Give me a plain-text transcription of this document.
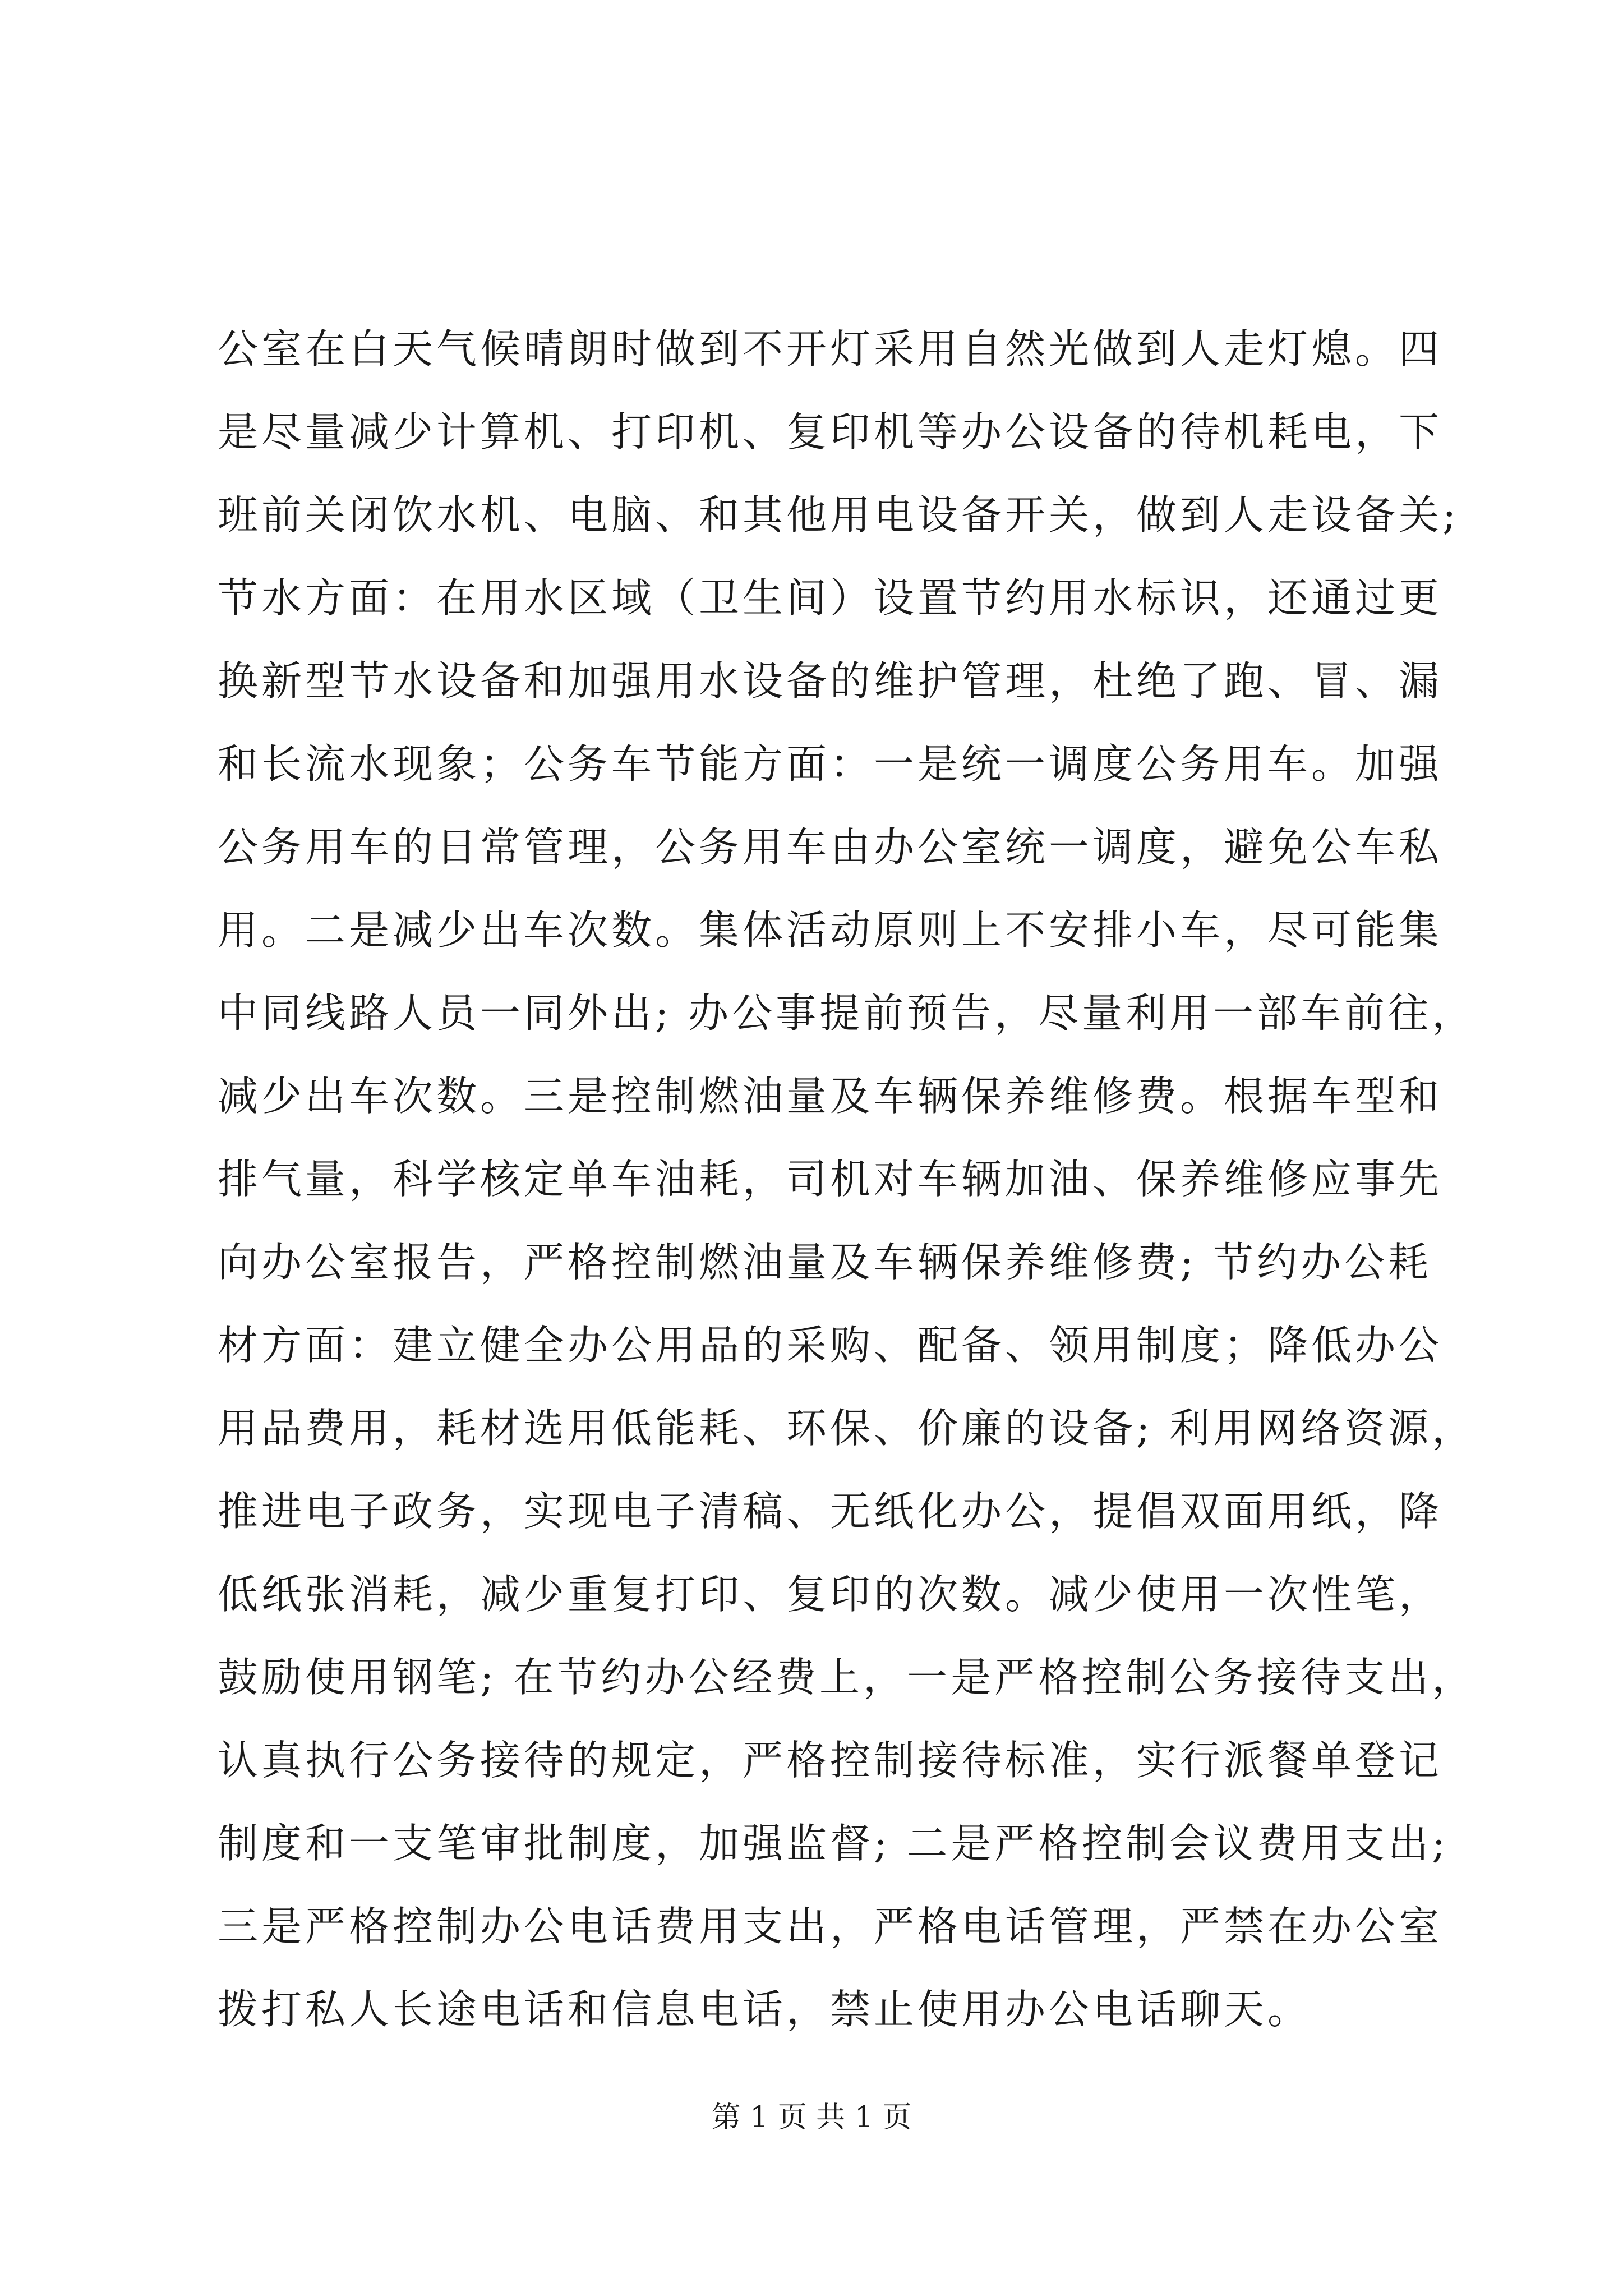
公室在白天气候晴朗时做到不开灯采用自然光做到人走灯熄。四
是尽量减少计算机、打印机、复印机等办公设备的待机耗电，下
班前关闭饮水机、电脑、和其他用电设备开关，做到人走设备关;
节水方面：在用水区域（卫生间）设置节约用水标识，还通过更
换新型节水设备和加强用水设备的维护管理，杜绝了跑、冒、漏
和长流水现象；公务车节能方面：一是统一调度公务用车。加强
公务用车的日常管理，公务用车由办公室统一调度，避免公车私
用。二是减少出车次数。集体活动原则上不安排小车，尽可能集
中同线路人员一同外出; 办公事提前预告，尽量利用一部车前往，
减少出车次数。三是控制燃油量及车辆保养维修费。根据车型和
排气量，科学核定单车油耗，司机对车辆加油、保养维修应事先
向办公室报告，严格控制燃油量及车辆保养维修费; 节约办公耗
材方面：建立健全办公用品的采购、配备、领用制度；降低办公
用品费用，耗材选用低能耗、环保、价廉的设备; 利用网络资源，
推进电子政务，实现电子清稿、无纸化办公，提倡双面用纸，降
低纸张消耗，减少重复打印、复印的次数。减少使用一次性笔，
鼓励使用钢笔; 在节约办公经费上，一是严格控制公务接待支出，
认真执行公务接待的规定，严格控制接待标准，实行派餐单登记
制度和一支笔审批制度，加强监督; 二是严格控制会议费用支出;
三是严格控制办公电话费用支出，严格电话管理，严禁在办公室
拨打私人长途电话和信息电话，禁止使用办公电话聊天。
第 1 页 共 1 页
